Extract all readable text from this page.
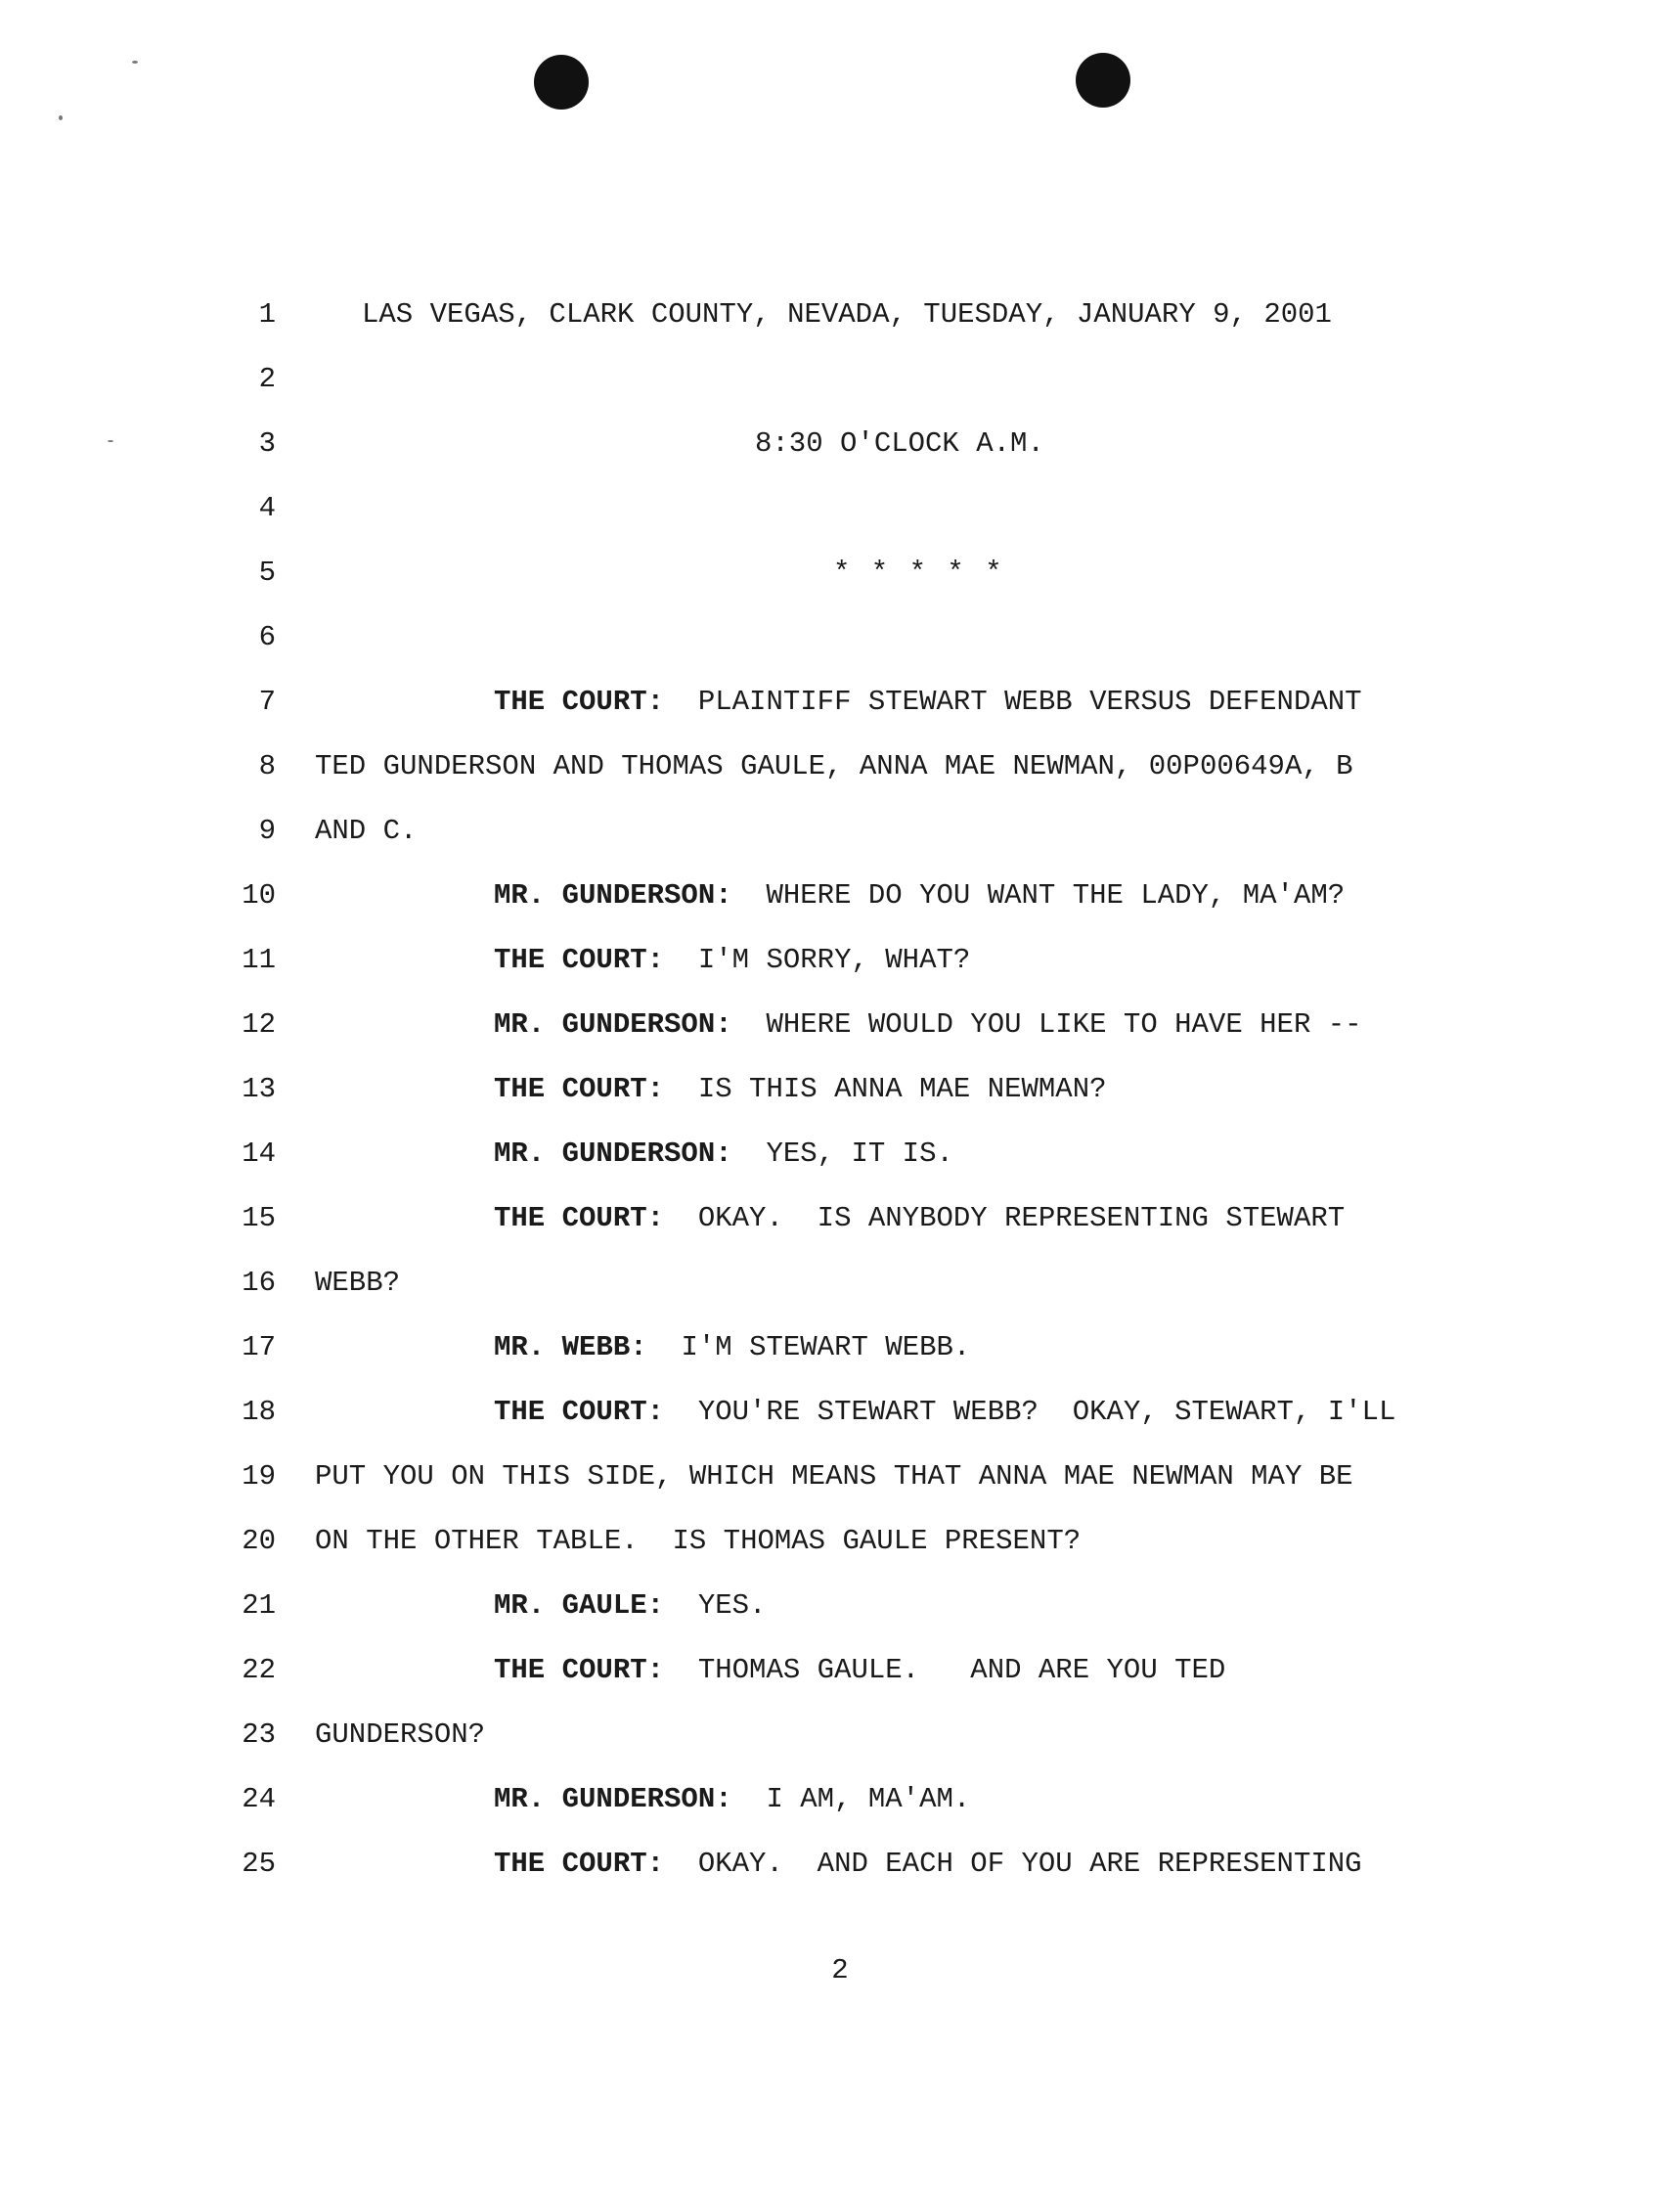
1	LAS VEGAS, CLARK COUNTY, NEVADA, TUESDAY, JANUARY 9, 2001
2
3	8:30 O'CLOCK A.M.
4
5	* * * * *
6
7	THE COURT: PLAINTIFF STEWART WEBB VERSUS DEFENDANT
8 TED GUNDERSON AND THOMAS GAULE, ANNA MAE NEWMAN, 00P00649A, B
9 AND C.
10	MR. GUNDERSON: WHERE DO YOU WANT THE LADY, MA'AM?
11	THE COURT: I'M SORRY, WHAT?
12	MR. GUNDERSON: WHERE WOULD YOU LIKE TO HAVE HER --
13	THE COURT: IS THIS ANNA MAE NEWMAN?
14	MR. GUNDERSON: YES, IT IS.
15	THE COURT: OKAY.  IS ANYBODY REPRESENTING STEWART
16 WEBB?
17	MR. WEBB: I'M STEWART WEBB.
18	THE COURT: YOU'RE STEWART WEBB?  OKAY, STEWART, I'LL
19 PUT YOU ON THIS SIDE, WHICH MEANS THAT ANNA MAE NEWMAN MAY BE
20 ON THE OTHER TABLE.  IS THOMAS GAULE PRESENT?
21	MR. GAULE: YES.
22	THE COURT: THOMAS GAULE.   AND ARE YOU TED
23 GUNDERSON?
24	MR. GUNDERSON: I AM, MA'AM.
25	THE COURT: OKAY.  AND EACH OF YOU ARE REPRESENTING
2
